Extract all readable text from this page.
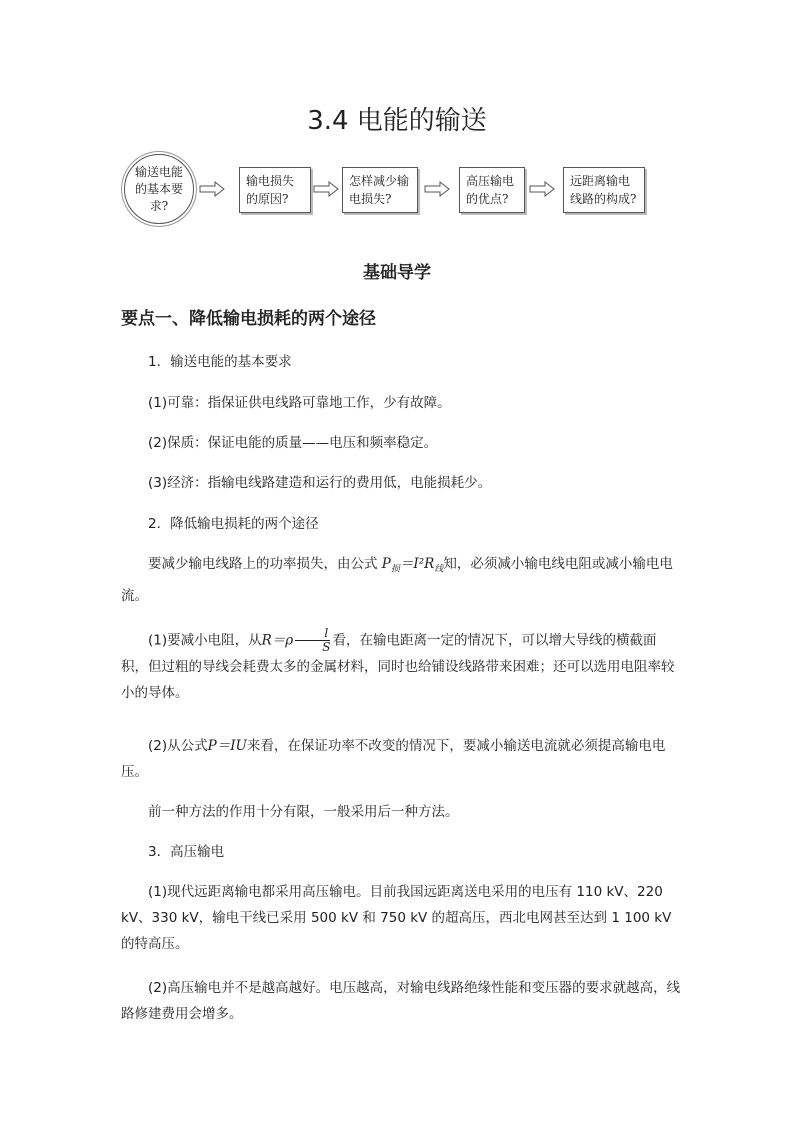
3.4 电能的输送
输送电能的基本要求?
输电损失的原因?
怎样减少输电损失?
高压输电的优点?
远距离输电线路的构成?
基础导学
要点一、降低输电损耗的两个途径
1．输送电能的基本要求
(1)可靠：指保证供电线路可靠地工作，少有故障。
(2)保质：保证电能的质量——电压和频率稳定。
(3)经济：指输电线路建造和运行的费用低，电能损耗少。
2．降低输电损耗的两个途径
要减少输电线路上的功率损失，由公式 $P_损=I^2R_线$知，必须减小输电线电阻或减小输电电流。
(1)要减小电阻，从$R=\rho \frac{l}{S}$ 看，在输电距离一定的情况下，可以增大导线的横截面积，但过粗的导线会耗费太多的金属材料，同时也给铺设线路带来困难；还可以选用电阻率较小的导体。
(2)从公式P＝IU来看，在保证功率不改变的情况下，要减小输送电流就必须提高输电电压。
前一种方法的作用十分有限，一般采用后一种方法。
3．高压输电
(1)现代远距离输电都采用高压输电。目前我国远距离送电采用的电压有 110 kV、220 kV、330 kV，输电干线已采用 500 kV 和 750 kV 的超高压，西北电网甚至达到 1 100 kV 的特高压。
(2)高压输电并不是越高越好。电压越高，对输电线路绝缘性能和变压器的要求就越高，线路修建费用会增多。
